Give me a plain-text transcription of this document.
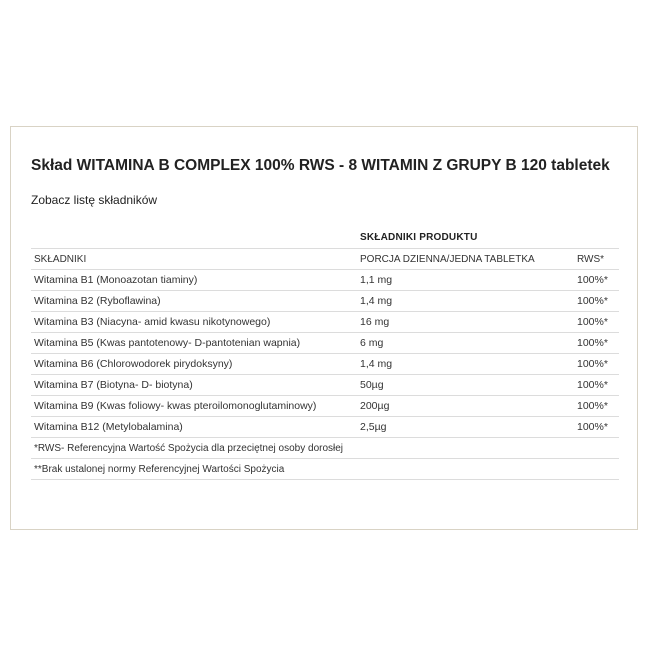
Skład WITAMINA B COMPLEX 100% RWS - 8 WITAMIN Z GRUPY B 120 tabletek
Zobacz listę składników
SKŁADNIKI PRODUKTU
SKŁADNIKI	PORCJA DZIENNA/JEDNA TABLETKA	RWS*
Witamina B1 (Monoazotan tiaminy)	1,1 mg	100%*
Witamina B2 (Ryboflawina)	1,4 mg	100%*
Witamina B3 (Niacyna- amid kwasu nikotynowego)	16 mg	100%*
Witamina B5 (Kwas pantotenowy- D-pantotenian wapnia)	6 mg	100%*
Witamina B6 (Chlorowodorek pirydoksyny)	1,4 mg	100%*
Witamina B7 (Biotyna- D- biotyna)	50µg	100%*
Witamina B9 (Kwas foliowy- kwas pteroilomonoglutaminowy)	200µg	100%*
Witamina B12 (Metylobalamina)	2,5µg	100%*
*RWS- Referencyjna Wartość Spożycia dla przeciętnej osoby dorosłej
**Brak ustalonej normy Referencyjnej Wartości Spożycia
